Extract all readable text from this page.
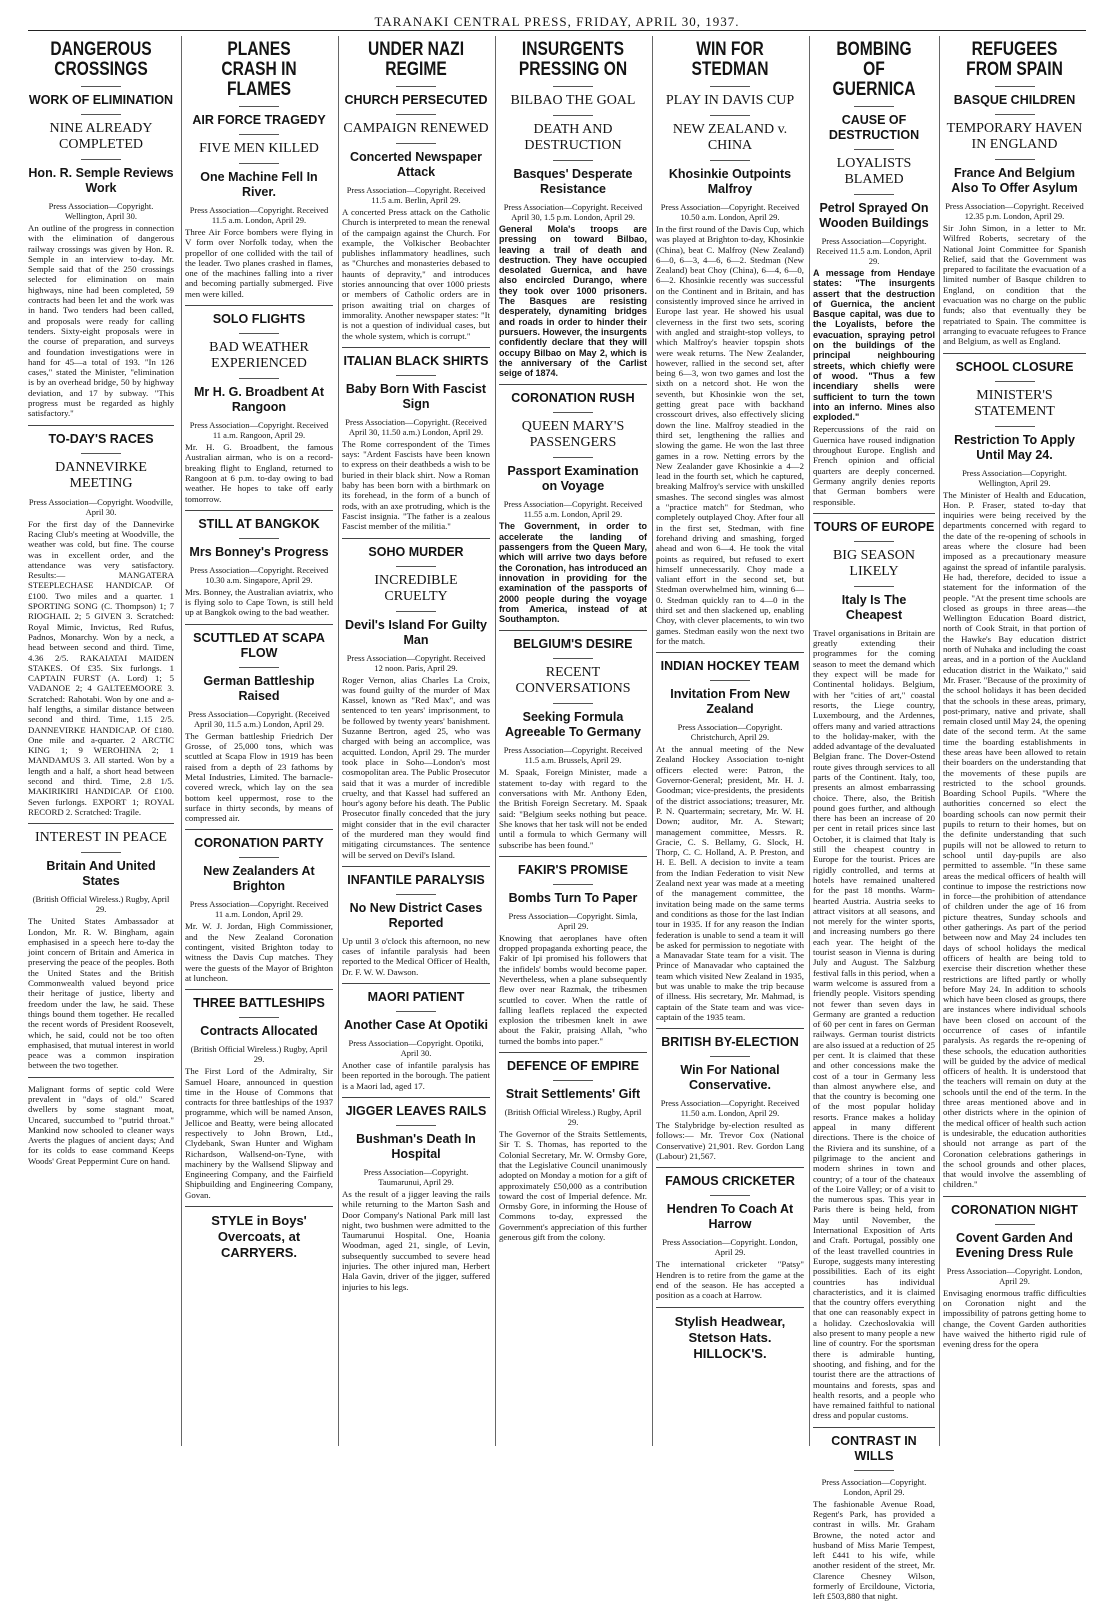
TARANAKI CENTRAL PRESS, FRIDAY, APRIL 30, 1937.
DANGEROUS CROSSINGS
WORK OF ELIMINATION
NINE ALREADY COMPLETED
Hon. R. Semple Reviews Work
Press Association—Copyright. Wellington, April 30.
An outline of the progress in connection with the elimination of dangerous railway crossings was given by Hon. R. Semple in an interview to-day. Mr. Semple said that of the 250 crossings selected for elimination on main highways, nine had been completed, 59 contracts had been let and the work was in hand. Two tenders had been called, and proposals were ready for calling tenders. Sixty-eight proposals were in the course of preparation, and surveys and foundation investigations were in hand for 45—a total of 193. "In 126 cases," stated the Minister, "elimination is by an overhead bridge, 50 by highway deviation, and 17 by subway. "This progress must be regarded as highly satisfactory."
TO-DAY'S RACES
DANNEVIRKE MEETING
Press Association—Copyright. Woodville, April 30.
For the first day of the Dannevirke Racing Club's meeting at Woodville, the weather was cold, but fine. The course was in excellent order, and the attendance was very satisfactory. Results:— MANGATERA STEEPLECHASE HANDICAP. Of £100. Two miles and a quarter. 1 SPORTING SONG (C. Thompson) 1; 7 RIOGHAIL 2; 5 GIVEN 3. Scratched: Royal Mimic, Invictus, Red Rufus, Padnos, Monarchy. Won by a neck, a head between second and third. Time, 4.36 2/5. RAKAIATAI MAIDEN STAKES. Of £35. Six furlongs. 1 CAPTAIN FURST (A. Lord) 1; 5 VADANOE 2; 4 GALTEEMOORE 3. Scratched: Rahotabi. Won by one and a-half lengths, a similar distance between second and third. Time, 1.15 2/5. DANNEVIRKE HANDICAP. Of £180. One mile and a-quarter. 2 ARCTIC KING 1; 9 WEROHINA 2; 1 MANDAMUS 3. All started. Won by a length and a half, a short head between second and third. Time, 2.8 1/5. MAKIRIKIRI HANDICAP. Of £100. Seven furlongs. EXPORT 1; ROYAL RECORD 2. Scratched: Tragile.
INTEREST IN PEACE
Britain And United States
(British Official Wireless.) Rugby, April 29.
The United States Ambassador at London, Mr. R. W. Bingham, again emphasised in a speech here to-day the joint concern of Britain and America in preserving the peace of the peoples. Both the United States and the British Commonwealth valued beyond price their heritage of justice, liberty and freedom under the law, he said. These things bound them together. He recalled the recent words of President Roosevelt, which, he said, could not be too often emphasised, that mutual interest in world peace was a common inspiration between the two together.
Malignant forms of septic cold Were prevalent in "days of old." Scared dwellers by some stagnant moat, Uncared, succumbed to "putrid throat." Mankind now schooled to cleaner ways Averts the plagues of ancient days; And for its colds to ease command Keeps Woods' Great Peppermint Cure on hand.
PLANES CRASH IN FLAMES
AIR FORCE TRAGEDY
FIVE MEN KILLED
One Machine Fell In River.
Press Association—Copyright. Received 11.5 a.m. London, April 29.
Three Air Force bombers were flying in V form over Norfolk today, when the propellor of one collided with the tail of the leader. Two planes crashed in flames, one of the machines falling into a river and becoming partially submerged. Five men were killed.
SOLO FLIGHTS
BAD WEATHER EXPERIENCED
Mr H. G. Broadbent At Rangoon
Press Association—Copyright. Received 11 a.m. Rangoon, April 29.
Mr. H. G. Broadbent, the famous Australian airman, who is on a record-breaking flight to England, returned to Rangoon at 6 p.m. to-day owing to bad weather. He hopes to take off early tomorrow.
STILL AT BANGKOK
Mrs Bonney's Progress
Press Association—Copyright. Received 10.30 a.m. Singapore, April 29.
Mrs. Bonney, the Australian aviatrix, who is flying solo to Cape Town, is still held up at Bangkok owing to the bad weather.
SCUTTLED AT SCAPA FLOW
German Battleship Raised
Press Association—Copyright. (Received April 30, 11.5 a.m.) London, April 29.
The German battleship Friedrich Der Grosse, of 25,000 tons, which was scuttled at Scapa Flow in 1919 has been raised from a depth of 23 fathoms by Metal Industries, Limited. The barnacle-covered wreck, which lay on the sea bottom keel uppermost, rose to the surface in thirty seconds, by means of compressed air.
CORONATION PARTY
New Zealanders At Brighton
Press Association—Copyright. Received 11 a.m. London, April 29.
Mr. W. J. Jordan, High Commissioner, and the New Zealand Coronation contingent, visited Brighton today to witness the Davis Cup matches. They were the guests of the Mayor of Brighton at luncheon.
THREE BATTLESHIPS
Contracts Allocated
(British Official Wireless.) Rugby, April 29.
The First Lord of the Admiralty, Sir Samuel Hoare, announced in question time in the House of Commons that contracts for three battleships of the 1937 programme, which will be named Anson, Jellicoe and Beatty, were being allocated respectively to John Brown, Ltd., Clydebank, Swan Hunter and Wigham Richardson, Wallsend-on-Tyne, with machinery by the Wallsend Slipway and Engineering Company, and the Fairfield Shipbuilding and Engineering Company, Govan.
STYLE in Boys' Overcoats, at CARRYERS.
UNDER NAZI REGIME
CHURCH PERSECUTED
CAMPAIGN RENEWED
Concerted Newspaper Attack
Press Association—Copyright. Received 11.5 a.m. Berlin, April 29.
A concerted Press attack on the Catholic Church is interpreted to mean the renewal of the campaign against the Church. For example, the Volkischer Beobachter publishes inflammatory headlines, such as "Churches and monasteries debased to haunts of depravity," and introduces stories announcing that over 1000 priests or members of Catholic orders are in prison awaiting trial on charges of immorality. Another newspaper states: "It is not a question of individual cases, but the whole system, which is corrupt."
ITALIAN BLACK SHIRTS
Baby Born With Fascist Sign
Press Association—Copyright. (Received April 30, 11.50 a.m.) London, April 29.
The Rome correspondent of the Times says: "Ardent Fascists have been known to express on their deathbeds a wish to be buried in their black shirt. Now a Roman baby has been born with a birthmark on its forehead, in the form of a bunch of rods, with an axe protruding, which is the Fascist insignia. "The father is a zealous Fascist member of the militia."
SOHO MURDER
INCREDIBLE CRUELTY
Devil's Island For Guilty Man
Press Association—Copyright. Received 12 noon. Paris, April 29.
Roger Vernon, alias Charles La Croix, was found guilty of the murder of Max Kassel, known as "Red Max", and was sentenced to ten years' imprisonment, to be followed by twenty years' banishment. Suzanne Bertron, aged 25, who was charged with being an accomplice, was acquitted. London, April 29. The murder took place in Soho—London's most cosmopolitan area. The Public Prosecutor said that it was a murder of incredible cruelty, and that Kassel had suffered an hour's agony before his death. The Public Prosecutor finally conceded that the jury might consider that in the evil character of the murdered man they would find mitigating circumstances. The sentence will be served on Devil's Island.
INFANTILE PARALYSIS
No New District Cases Reported
Up until 3 o'clock this afternoon, no new cases of infantile paralysis had been reported to the Medical Officer of Health, Dr. F. W. W. Dawson.
MAORI PATIENT
Another Case At Opotiki
Press Association—Copyright. Opotiki, April 30.
Another case of infantile paralysis has been reported in the borough. The patient is a Maori lad, aged 17.
JIGGER LEAVES RAILS
Bushman's Death In Hospital
Press Association—Copyright. Taumarunui, April 29.
As the result of a jigger leaving the rails while returning to the Marton Sash and Door Company's National Park mill last night, two bushmen were admitted to the Taumarunui Hospital. One, Hoania Woodman, aged 21, single, of Levin, subsequently succumbed to severe head injuries. The other injured man, Herbert Hala Gavin, driver of the jigger, suffered injuries to his legs.
INSURGENTS PRESSING ON
BILBAO THE GOAL
DEATH AND DESTRUCTION
Basques' Desperate Resistance
Press Association—Copyright. Received April 30, 1.5 p.m. London, April 29.
General Mola's troops are pressing on toward Bilbao, leaving a trail of death and destruction. They have occupied desolated Guernica, and have also encircled Durango, where they took over 1000 prisoners. The Basques are resisting desperately, dynamiting bridges and roads in order to hinder their pursuers. However, the insurgents confidently declare that they will occupy Bilbao on May 2, which is the anniversary of the Carlist seige of 1874.
CORONATION RUSH
QUEEN MARY'S PASSENGERS
Passport Examination on Voyage
Press Association—Copyright. Received 11.55 a.m. London, April 29.
The Government, in order to accelerate the landing of passengers from the Queen Mary, which will arrive two days before the Coronation, has introduced an innovation in providing for the examination of the passports of 2000 people during the voyage from America, instead of at Southampton.
BELGIUM'S DESIRE
RECENT CONVERSATIONS
Seeking Formula Agreeable To Germany
Press Association—Copyright. Received 11.5 a.m. Brussels, April 29.
M. Spaak, Foreign Minister, made a statement to-day with regard to the conversations with Mr. Anthony Eden, the British Foreign Secretary. M. Spaak said: "Belgium seeks nothing but peace. She knows that her task will not be ended until a formula to which Germany will subscribe has been found."
FAKIR'S PROMISE
Bombs Turn To Paper
Press Association—Copyright. Simla, April 29.
Knowing that aeroplanes have often dropped propaganda exhorting peace, the Fakir of Ipi promised his followers that the infidels' bombs would become paper. Nevertheless, when a plane subsequently flew over near Razmak, the tribesmen scuttled to cover. When the rattle of falling leaflets replaced the expected explosion the tribesmen knelt in awe about the Fakir, praising Allah, "who turned the bombs into paper."
DEFENCE OF EMPIRE
Strait Settlements' Gift
(British Official Wireless.) Rugby, April 29.
The Governor of the Straits Settlements, Sir T. S. Thomas, has reported to the Colonial Secretary, Mr. W. Ormsby Gore, that the Legislative Council unanimously adopted on Monday a motion for a gift of approximately £50,000 as a contribution toward the cost of Imperial defence. Mr. Ormsby Gore, in informing the House of Commons to-day, expressed the Government's appreciation of this further generous gift from the colony.
WIN FOR STEDMAN
PLAY IN DAVIS CUP
NEW ZEALAND v. CHINA
Khosinkie Outpoints Malfroy
Press Association—Copyright. Received 10.50 a.m. London, April 29.
In the first round of the Davis Cup, which was played at Brighton to-day, Khosinkie (China), beat C. Malfroy (New Zealand) 6—0, 6—3, 4—6, 6—2. Stedman (New Zealand) beat Choy (China), 6—4, 6—0, 6—2. Khosinkie recently was successful on the Continent and in Britain, and has consistently improved since he arrived in Europe last year. He showed his usual cleverness in the first two sets, scoring with angled and straight-stop volleys, to which Malfroy's heavier topspin shots were weak returns. The New Zealander, however, rallied in the second set, after being 6—3, won two games and lost the sixth on a netcord shot. He won the seventh, but Khosinkie won the set, getting great pace with backhand crosscourt drives, also effectively slicing down the line. Malfroy steadied in the third set, lengthening the rallies and slowing the game. He won the last three games in a row. Netting errors by the New Zealander gave Khosinkie a 4—2 lead in the fourth set, which he captured, breaking Malfroy's service with unskilled smashes. The second singles was almost a "practice match" for Stedman, who completely outplayed Choy. After four all in the first set, Stedman, with fine forehand driving and smashing, forged ahead and won 6—4. He took the vital points as required, but refused to exert himself unnecessarily. Choy made a valiant effort in the second set, but Stedman overwhelmed him, winning 6—0. Stedman quickly ran to 4—0 in the third set and then slackened up, enabling Choy, with clever placements, to win two games. Stedman easily won the next two for the match.
INDIAN HOCKEY TEAM
Invitation From New Zealand
Press Association—Copyright. Christchurch, April 29.
At the annual meeting of the New Zealand Hockey Association to-night officers elected were: Patron, the Governor-General; president, Mr. H. J. Goodman; vice-presidents, the presidents of the district associations; treasurer, Mr. P. N. Quartermain; secretary, Mr. W. H. Down; auditor, Mr. A. Stewart; management committee, Messrs. R. Gracie, C. S. Bellamy, G. Slock, H. Thorp, C. C. Holland, A. P. Preston, and H. E. Bell. A decision to invite a team from the Indian Federation to visit New Zealand next year was made at a meeting of the management committee, the invitation being made on the same terms and conditions as those for the last Indian tour in 1935. If for any reason the Indian federation is unable to send a team it will be asked for permission to negotiate with a Manavadar State team for a visit. The Prince of Manavadar who captained the team which visited New Zealand in 1935, but was unable to make the trip because of illness. His secretary, Mr. Mahmad, is captain of the State team and was vice-captain of the 1935 team.
BRITISH BY-ELECTION
Win For National Conservative.
Press Association—Copyright. Received 11.50 a.m. London, April 29.
The Stalybridge by-election resulted as follows:— Mr. Trevor Cox (National Conservative) 21,901. Rev. Gordon Lang (Labour) 21,567.
FAMOUS CRICKETER
Hendren To Coach At Harrow
Press Association—Copyright. London, April 29.
The international cricketer "Patsy" Hendren is to retire from the game at the end of the season. He has accepted a position as a coach at Harrow.
Stylish Headwear, Stetson Hats. HILLOCK'S.
BOMBING OF GUERNICA
CAUSE OF DESTRUCTION
LOYALISTS BLAMED
Petrol Sprayed On Wooden Buildings
Press Association—Copyright. Received 11.5 a.m. London, April 29.
A message from Hendaye states: "The insurgents assert that the destruction of Guernica, the ancient Basque capital, was due to the Loyalists, before the evacuation, spraying petrol on the buildings of the principal neighbouring streets, which chiefly were of wood. "Thus a few incendiary shells were sufficient to turn the town into an inferno. Mines also exploded."
Repercussions of the raid on Guernica have roused indignation throughout Europe. English and French opinion and official quarters are deeply concerned. Germany angrily denies reports that German bombers were responsible.
TOURS OF EUROPE
BIG SEASON LIKELY
Italy Is The Cheapest
Travel organisations in Britain are greatly extending their programmes for the coming season to meet the demand which they expect will be made for Continental holidays. Belgium, with her "cities of art," coastal resorts, the Liege country, Luxembourg, and the Ardennes, offers many and varied attractions to the holiday-maker, with the added advantage of the devaluated Belgian franc. The Dover-Ostend route gives through services to all parts of the Continent. Italy, too, presents an almost embarrassing choice. There, also, the British pound goes further, and although there has been an increase of 20 per cent in retail prices since last October, it is claimed that Italy is still the cheapest country in Europe for the tourist. Prices are rigidly controlled, and terms at hotels have remained unaltered for the past 18 months. Warm-hearted Austria. Austria seeks to attract visitors at all seasons, and not merely for the winter sports, and increasing numbers go there each year. The height of the tourist season in Vienna is during July and August. The Salzburg festival falls in this period, when a warm welcome is assured from a friendly people. Visitors spending not fewer than seven days in Germany are granted a reduction of 60 per cent in fares on German railways. German tourist districts are also issued at a reduction of 25 per cent. It is claimed that these and other concessions make the cost of a tour in Germany less than almost anywhere else, and that the country is becoming one of the most popular holiday resorts. France makes a holiday appeal in many different directions. There is the choice of the Riviera and its sunshine, of a pilgrimage to the ancient and modern shrines in town and country; of a tour of the chateaux of the Loire Valley; or of a visit to the numerous spas. This year in Paris there is being held, from May until November, the International Exposition of Arts and Craft. Portugal, possibly one of the least travelled countries in Europe, suggests many interesting possibilities. Each of its eight countries has individual characteristics, and it is claimed that the country offers everything that one can reasonably expect in a holiday. Czechoslovakia will also present to many people a new line of country. For the sportsman there is admirable hunting, shooting, and fishing, and for the tourist there are the attractions of mountains and forests, spas and health resorts, and a people who have remained faithful to national dress and popular customs.
CONTRAST IN WILLS
Press Association—Copyright. London, April 29.
The fashionable Avenue Road, Regent's Park, has provided a contrast in wills. Mr. Graham Browne, the noted actor and husband of Miss Marie Tempest, left £441 to his wife, while another resident of the street, Mr. Clarence Chesney Wilson, formerly of Ercildoune, Victoria, left £503,880 that night.
REFUGEES FROM SPAIN
BASQUE CHILDREN
TEMPORARY HAVEN IN ENGLAND
France And Belgium Also To Offer Asylum
Press Association—Copyright. Received 12.35 p.m. London, April 29.
Sir John Simon, in a letter to Mr. Wilfred Roberts, secretary of the National Joint Committee for Spanish Relief, said that the Government was prepared to facilitate the evacuation of a limited number of Basque children to England, on condition that the evacuation was no charge on the public funds; also that eventually they be repatriated to Spain. The committee is arranging to evacuate refugees to France and Belgium, as well as England.
SCHOOL CLOSURE
MINISTER'S STATEMENT
Restriction To Apply Until May 24.
Press Association—Copyright. Wellington, April 29.
The Minister of Health and Education, Hon. P. Fraser, stated to-day that inquiries were being received by the departments concerned with regard to the date of the re-opening of schools in areas where the closure had been imposed as a precautionary measure against the spread of infantile paralysis. He had, therefore, decided to issue a statement for the information of the people. "At the present time schools are closed as groups in three areas—the Wellington Education Board district, north of Cook Strait, in that portion of the Hawke's Bay education district north of Nuhaka and including the coast areas, and in a portion of the Auckland education district in the Waikato," said Mr. Fraser. "Because of the proximity of the school holidays it has been decided that the schools in these areas, primary, post-primary, native and private, shall remain closed until May 24, the opening date of the second term. At the same time the boarding establishments in these areas have been allowed to retain their boarders on the understanding that the movements of these pupils are restricted to the school grounds. Boarding School Pupils. "Where the authorities concerned so elect the boarding schools can now permit their pupils to return to their homes, but on the definite understanding that such pupils will not be allowed to return to school until day-pupils are also permitted to assemble. "In these same areas the medical officers of health will continue to impose the restrictions now in force—the prohibition of attendance of children under the age of 16 from picture theatres, Sunday schools and other gatherings. As part of the period between now and May 24 includes ten days of school holidays the medical officers of health are being told to exercise their discretion whether these restrictions are lifted partly or wholly before May 24. In addition to schools which have been closed as groups, there are instances where individual schools have been closed on account of the occurrence of cases of infantile paralysis. As regards the re-opening of these schools, the education authorities will be guided by the advice of medical officers of health. It is understood that the teachers will remain on duty at the schools until the end of the term. In the three areas mentioned above and in other districts where in the opinion of the medical officer of health such action is undesirable, the education authorities should not arrange as part of the Coronation celebrations gatherings in the school grounds and other places, that would involve the assembling of children."
CORONATION NIGHT
Covent Garden And Evening Dress Rule
Press Association—Copyright. London, April 29.
Envisaging enormous traffic difficulties on Coronation night and the impossibility of patrons getting home to change, the Covent Garden authorities have waived the hitherto rigid rule of evening dress for the opera
